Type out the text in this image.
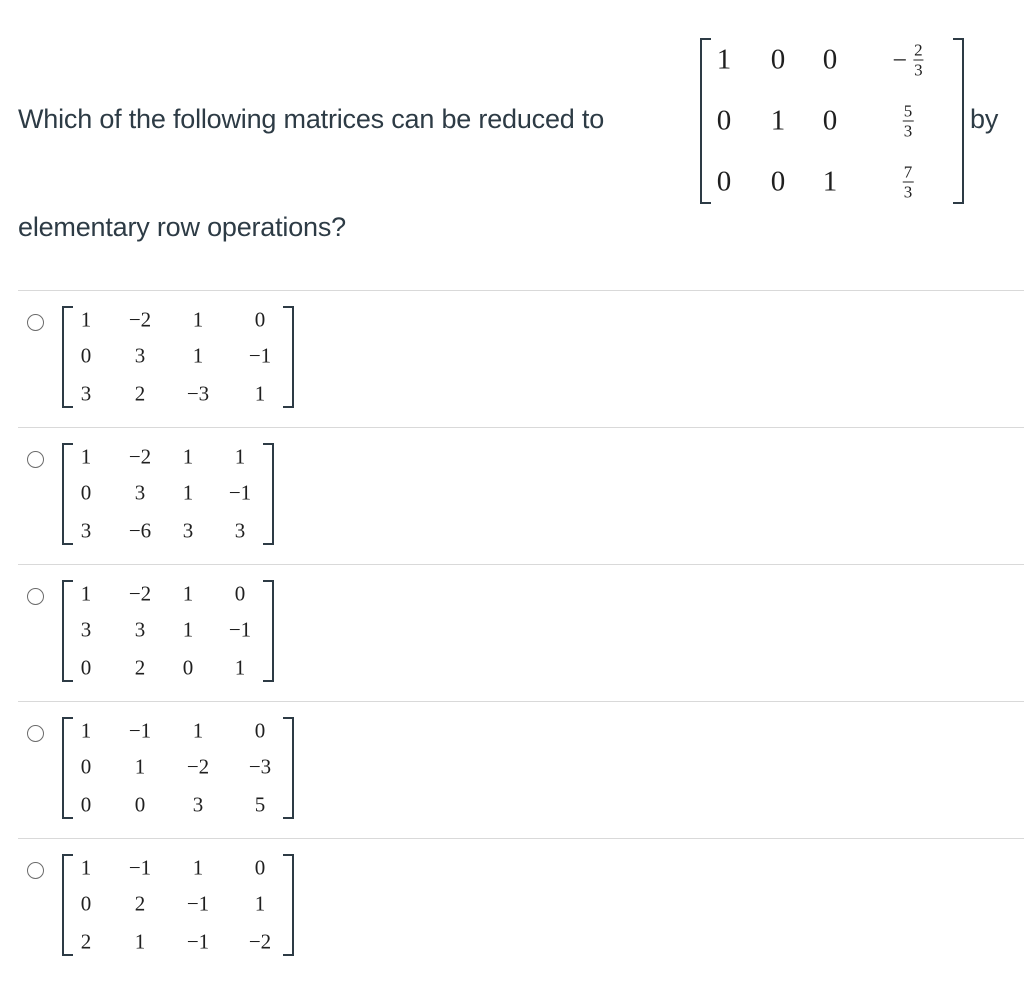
Which of the following matrices can be reduced to
1 0 $0 - \frac{2}{3}$
0 1 0	$\frac{5}{3}$
0 0 1	$\frac{7}{3}$
by
elementary row operations?
1 −2 1 0
0 3 1 −1
3 2 −3 1
1 −2 1 1
0 3 1 −1
3 −6 3 3
1 −2 1 0
3 3 1 −1
0 2 0 1
1 −1 1 0
0 1 −2 −3
0 0 3 5
1 −1 1 0
0 2 −1 1
2 1 −1 −2
